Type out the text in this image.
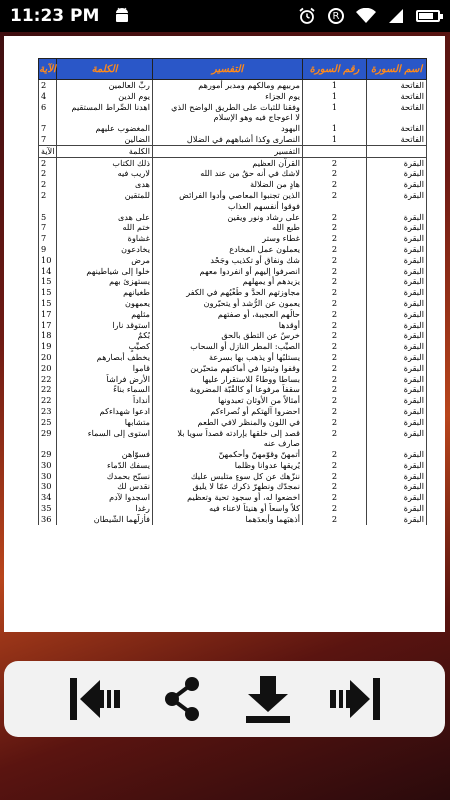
11:23 PM	R
الآية	الكلمة	التفسير	رقم السورة	اسم السورة
2	ربِّ العالمين	مربيهم ومالكهم ومدبر أمورهم	1	الفاتحة
4	يوم الدين	يوم الجزاء	1	الفاتحة
6	اهدنا الصِّراط المستقيم	وفقنا للثبات على الطريق الواضح الذي	1	الفاتحة
		لا اعوجاج فيه وهو الإسلام		
7	المغضوب عليهم	اليهود	1	الفاتحة
7	الضالين	النصارى وكذا أشباههم في الضلال	1	الفاتحة
الآية	الكلمة	التفسير		
2	ذلك الكتاب	القرآن العظيم	2	البقرة
2	لاريب فيه	لاشك في أنه حقٌ من عند الله	2	البقرة
2	هدى	هادٍ من الضلالة	2	البقرة
2	للمتقين	الذين تجنبوا المعاصي وأدوا الفرائض	2	البقرة
		فوقوا أنفسهم العذاب		
5	على هدى	على رشاد ونور ويقين	2	البقرة
7	ختم الله	طبع الله	2	البقرة
7	غشاوة	غطاء وستر	2	البقرة
9	يخادعون	يعملون عمل المخادع	2	البقرة
10	مرض	شك ونفاق أو تكذيب وجَحْد	2	البقرة
14	خلوا إلى شياطينهم	انصرفوا إليهم أو انفردوا معهم	2	البقرة
15	يستهزئ بهم	يزيدهم أو يمهلهم	2	البقرة
15	طغيانهم	مجاوزتهم الحدَّ و طُغْيُهم في الكفر	2	البقرة
15	يعمهون	يعمون عن الرُّشد أو يتحيّرون	2	البقرة
17	مثلهم	حالُهم العجيبة، أو صفتهم	2	البقرة
17	استوقد نارا	أوقدها	2	البقرة
18	بُكمٌ	خرسٌ عن التطق بالحق	2	البقرة
19	كصيِّبٍ	الصيِّب: المطر النازل أو السحاب	2	البقرة
20	يخطف أبصارهم	يستلبُها أو يذهب بها بسرعة	2	البقرة
20	قاموا	وقفوا وثبتوا في أماكنهم متحيّرين	2	البقرة
22	الأرض فراشاً	بساطا ووطاءً للاستقرار عليها	2	البقرة
22	السماء بناءً	سقفاً مرفوعا أو كالقُبّة المضروبة	2	البقرة
22	أنداداً	أمثالاً من الأوثان تعبدونها	2	البقرة
23	ادعوا شهداءكم	احضروا آلهتكم أو نُصراءكم	2	البقرة
25	متشابها	في اللون والمنظر لافي الطعم	2	البقرة
29	استوى إلى السماء	قصد إلى خلقها بإرادته قصداً سويا بلا	2	البقرة
		صارف عنه		
29	فسوّاهن	أتمهنّ وقوّمهنّ وأحكمهنّ	2	البقرة
30	يسفك الدّماء	يُريقها عدوانا وظلما	2	البقرة
30	نسبّح بحمدك	ننزّهك عن كل سوءٍ متلبس عليك	2	البقرة
30	نقدس لك	نمجدّك ونطهرّ ذكرك عمّا لا يليق	2	البقرة
34	اسجدوا لآدم	اخضعوا له، أو سجود تحية وتعظيم	2	البقرة
35	رغدا	كلاً واسعاً أو هنيئاً لاعناء فيه	2	البقرة
36	فأزلّهما الشّيطان	أذهبَهما وأبعدَهما	2	البقرة
